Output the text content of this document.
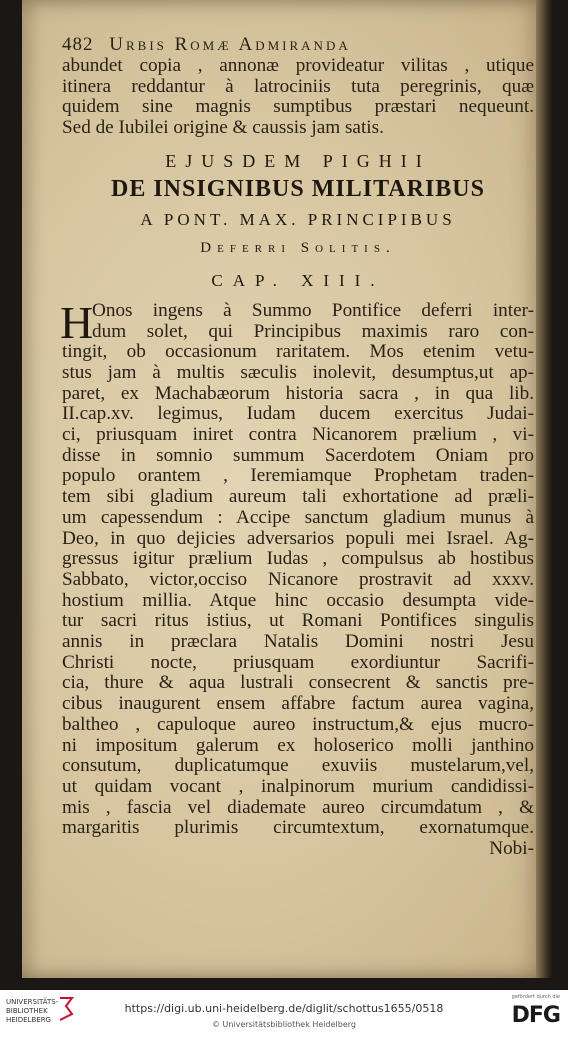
482 Urbis Romæ Admiranda
abundet copia , annonæ provideatur vilitas , utique
itinera reddantur à latrociniis tuta peregrinis, quæ
quidem sine magnis sumptibus præstari nequeunt.
Sed de Iubilei origine & caussis jam satis.
EJUSDEM PIGHII
DE INSIGNIBUS MILITARIBUS
A PONT. MAX. PRINCIPIBUS
Deferri Solitis.
CAP. XIII.
H
Onos ingens à Summo Pontifice deferri inter-
dum solet, qui Principibus maximis raro con-
tingit, ob occasionum raritatem. Mos etenim vetu-
stus jam à multis sæculis inolevit, desumptus,ut ap-
paret, ex Machabæorum historia sacra , in qua lib.
II.cap.xv. legimus, Iudam ducem exercitus Judai-
ci, priusquam iniret contra Nicanorem prælium , vi-
disse in somnio summum Sacerdotem Oniam pro
populo orantem , Ieremiamque Prophetam traden-
tem sibi gladium aureum tali exhortatione ad præli-
um capessendum : Accipe sanctum gladium munus à
Deo, in quo dejicies adversarios populi mei Israel. Ag-
gressus igitur prælium Iudas , compulsus ab hostibus
Sabbato, victor,occiso Nicanore prostravit ad xxxv.
hostium millia. Atque hinc occasio desumpta vide-
tur sacri ritus istius, ut Romani Pontifices singulis
annis in præclara Natalis Domini nostri Jesu
Christi nocte, priusquam exordiuntur Sacrifi-
cia, thure & aqua lustrali consecrent & sanctis pre-
cibus inaugurent ensem affabre factum aurea vagina,
baltheo , capuloque aureo instructum,& ejus mucro-
ni impositum galerum ex holoserico molli janthino
consutum, duplicatumque exuviis mustelarum,vel,
ut quidam vocant , inalpinorum murium candidissi-
mis , fascia vel diademate aureo circumdatum , &
margaritis plurimis circumtextum, exornatumque.
Nobi-
UNIVERSITÄTS-
BIBLIOTHEK
HEIDELBERG
https://digi.ub.uni-heidelberg.de/diglit/schottus1655/0518
© Universitätsbibliothek Heidelberg
gefördert durch die
DFG
